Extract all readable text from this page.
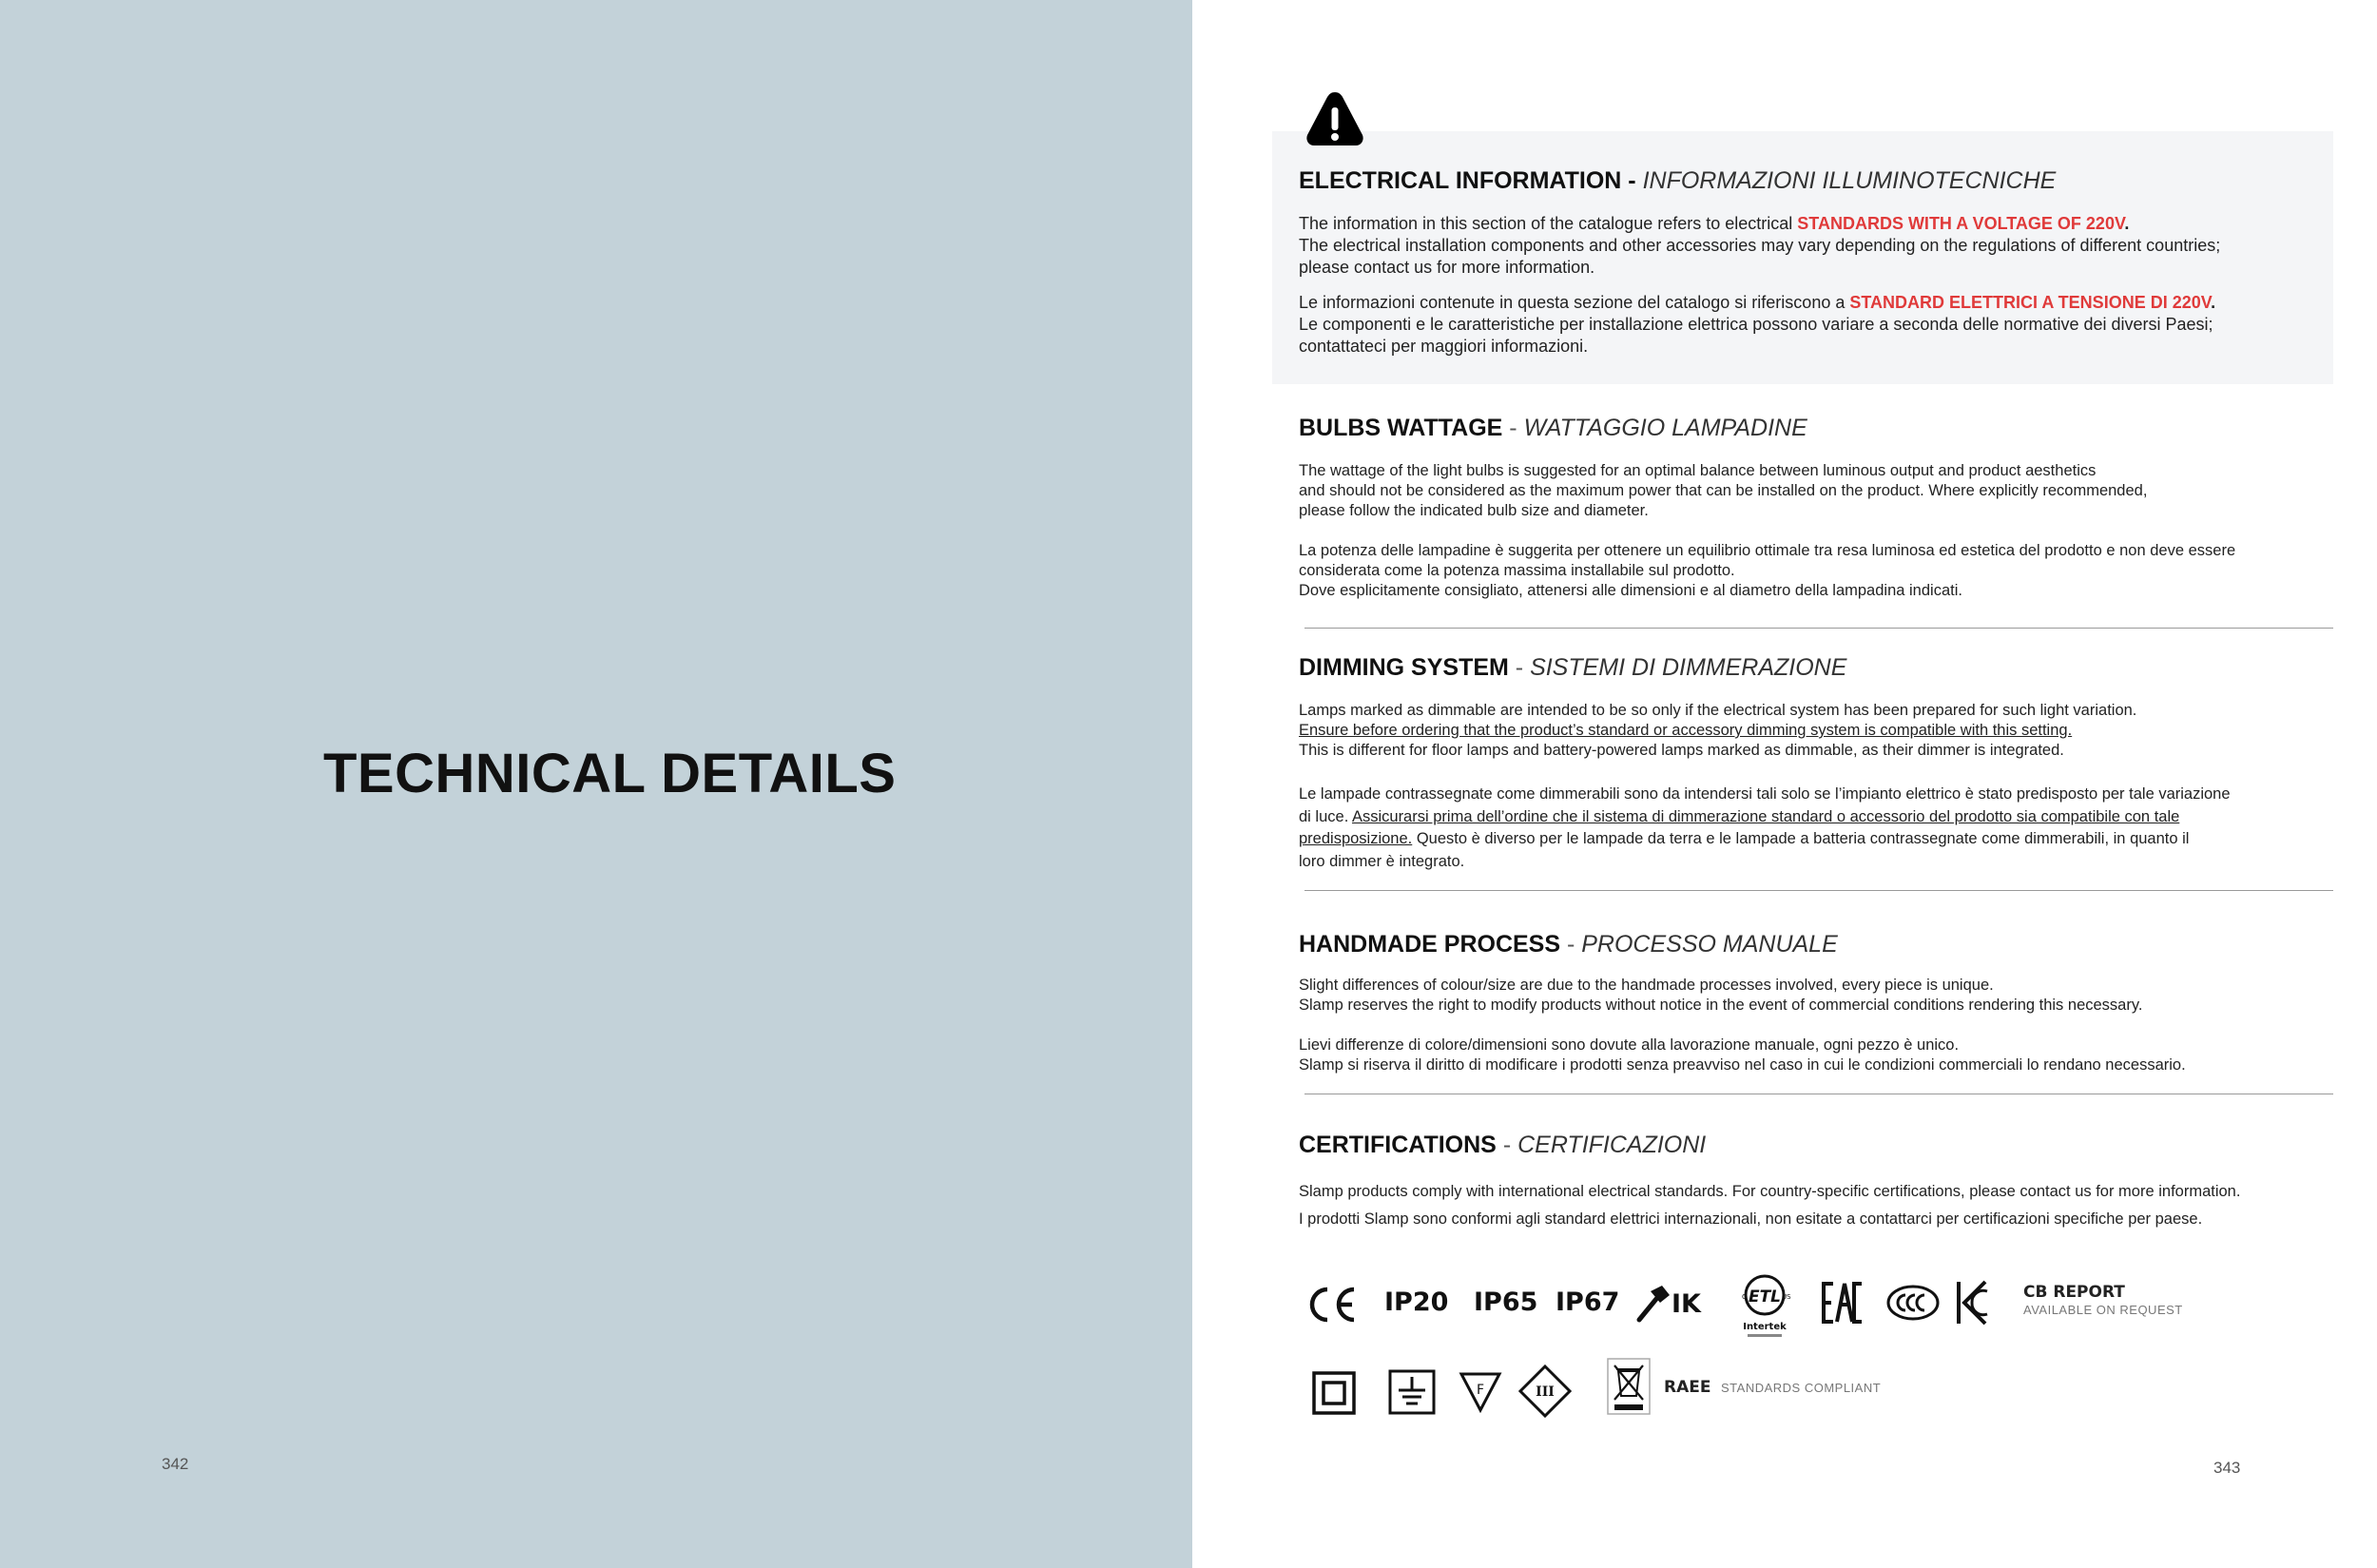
TECHNICAL DETAILS
342
ELECTRICAL INFORMATION - INFORMAZIONI ILLUMINOTECNICHE

The information in this section of the catalogue refers to electrical STANDARDS WITH A VOLTAGE OF 220V.

The electrical installation components and other accessories may vary depending on the regulations of different countries;

please contact us for more information.

Le informazioni contenute in questa sezione del catalogo si riferiscono a STANDARD ELETTRICI A TENSIONE DI 220V.

Le componenti e le caratteristiche per installazione elettrica possono variare a seconda delle normative dei diversi Paesi;

contattateci per maggiori informazioni.

BULBS WATTAGE - WATTAGGIO LAMPADINE

The wattage of the light bulbs is suggested for an optimal balance between luminous output and product aesthetics

and should not be considered as the maximum power that can be installed on the product. Where explicitly recommended,

please follow the indicated bulb size and diameter.

La potenza delle lampadine è suggerita per ottenere un equilibrio ottimale tra resa luminosa ed estetica del prodotto e non deve essere

considerata come la potenza massima installabile sul prodotto.

Dove esplicitamente consigliato, attenersi alle dimensioni e al diametro della lampadina indicati.

DIMMING SYSTEM - SISTEMI DI DIMMERAZIONE

Lamps marked as dimmable are intended to be so only if the electrical system has been prepared for such light variation.

Ensure before ordering that the product’s standard or accessory dimming system is compatible with this setting.

This is different for floor lamps and battery-powered lamps marked as dimmable, as their dimmer is integrated.

Le lampade contrassegnate come dimmerabili sono da intendersi tali solo se l’impianto elettrico è stato predisposto per tale variazione

di luce. Assicurarsi prima dell’ordine che il sistema di dimmerazione standard o accessorio del prodotto sia compatibile con tale

predisposizione. Questo è diverso per le lampade da terra e le lampade a batteria contrassegnate come dimmerabili, in quanto il

loro dimmer è integrato.

HANDMADE PROCESS - PROCESSO MANUALE

Slight differences of colour/size are due to the handmade processes involved, every piece is unique.

Slamp reserves the right to modify products without notice in the event of commercial conditions rendering this necessary.

Lievi differenze di colore/dimensioni sono dovute alla lavorazione manuale, ogni pezzo è unico.

Slamp si riserva il diritto di modificare i prodotti senza preavviso nel caso in cui le condizioni commerciali lo rendano necessario.

CERTIFICATIONS - CERTIFICAZIONI

Slamp products comply with international electrical standards. For country-specific certifications, please contact us for more information.

I prodotti Slamp sono conformi agli standard elettrici internazionali, non esitate a contattarci per certificazioni specifiche per paese.

IP20 IP65 IP67 IK	ETL
C	US
Intertek
CB REPORT
AVAILABLE ON REQUEST
F	III	RAEE STANDARDS COMPLIANT
343
